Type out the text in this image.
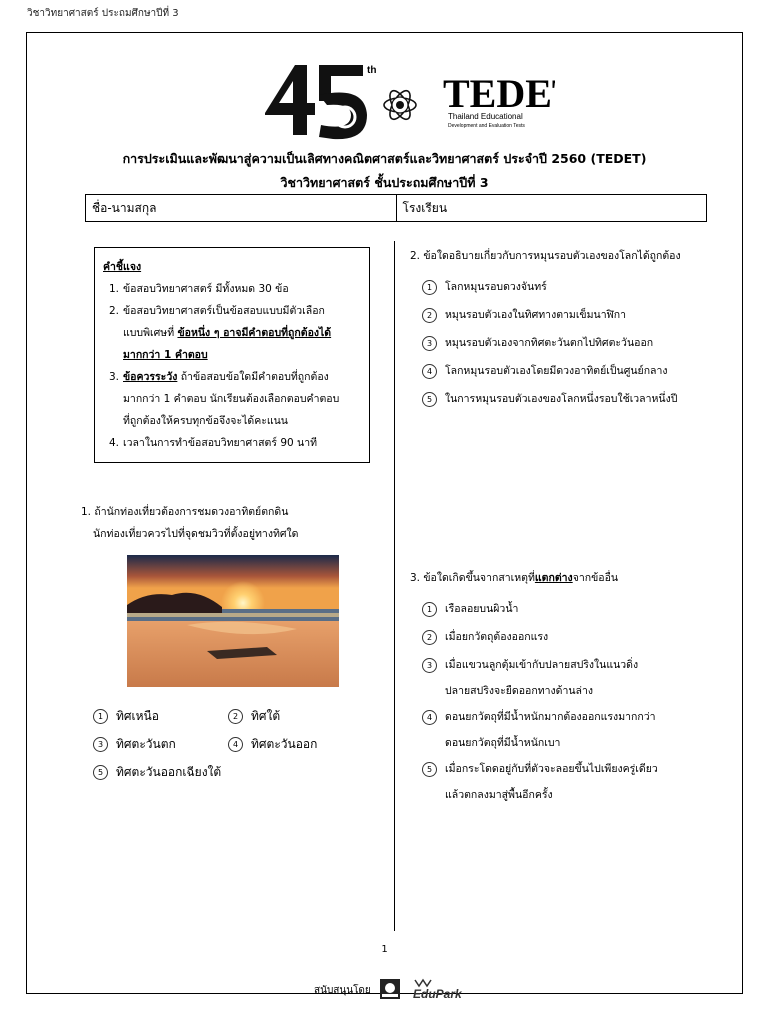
วิชาวิทยาศาสตร์ ประถมศึกษาปีที่ 3
th
TEDE
Thailand Educational
Development and Evaluation Tests
การประเมินและพัฒนาสู่ความเป็นเลิศทางคณิตศาสตร์และวิทยาศาสตร์ ประจำปี 2560 (TEDET)
วิชาวิทยาศาสตร์ ชั้นประถมศึกษาปีที่ 3
ชื่อ-นามสกุล	โรงเรียน
คำชี้แจง
1. ข้อสอบวิทยาศาสตร์ มีทั้งหมด 30 ข้อ
2. ข้อสอบวิทยาศาสตร์เป็นข้อสอบแบบมีตัวเลือก
แบบพิเศษที่ ข้อหนึ่ง ๆ อาจมีคำตอบที่ถูกต้องได้
มากกว่า 1 คำตอบ
3. ข้อควรระวัง ถ้าข้อสอบข้อใดมีคำตอบที่ถูกต้อง
มากกว่า 1 คำตอบ นักเรียนต้องเลือกตอบคำตอบ
ที่ถูกต้องให้ครบทุกข้อจึงจะได้คะแนน
4. เวลาในการทำข้อสอบวิทยาศาสตร์ 90 นาที
1. ถ้านักท่องเที่ยวต้องการชมดวงอาทิตย์ตกดิน
นักท่องเที่ยวควรไปที่จุดชมวิวที่ตั้งอยู่ทางทิศใด
1	ทิศเหนือ	2	ทิศใต้
3	ทิศตะวันตก	4	ทิศตะวันออก
5	ทิศตะวันออกเฉียงใต้
2. ข้อใดอธิบายเกี่ยวกับการหมุนรอบตัวเองของโลกได้ถูกต้อง
1	โลกหมุนรอบดวงจันทร์
2	หมุนรอบตัวเองในทิศทางตามเข็มนาฬิกา
3	หมุนรอบตัวเองจากทิศตะวันตกไปทิศตะวันออก
4	โลกหมุนรอบตัวเองโดยมีดวงอาทิตย์เป็นศูนย์กลาง
5	ในการหมุนรอบตัวเองของโลกหนึ่งรอบใช้เวลาหนึ่งปี
3. ข้อใดเกิดขึ้นจากสาเหตุที่แตกต่างจากข้ออื่น
1	เรือลอยบนผิวน้ำ
2	เมื่อยกวัตถุต้องออกแรง
3	เมื่อแขวนลูกตุ้มเข้ากับปลายสปริงในแนวดิ่ง
ปลายสปริงจะยืดออกทางด้านล่าง
4	ดอนยกวัตถุที่มีน้ำหนักมากต้องออกแรงมากกว่า
ดอนยกวัตถุที่มีน้ำหนักเบา
5	เมื่อกระโดดอยู่กับที่ตัวจะลอยขึ้นไปเพียงครู่เดียว
แล้วตกลงมาสู่พื้นอีกครั้ง
1
สนับสนุนโดย	EduPark
